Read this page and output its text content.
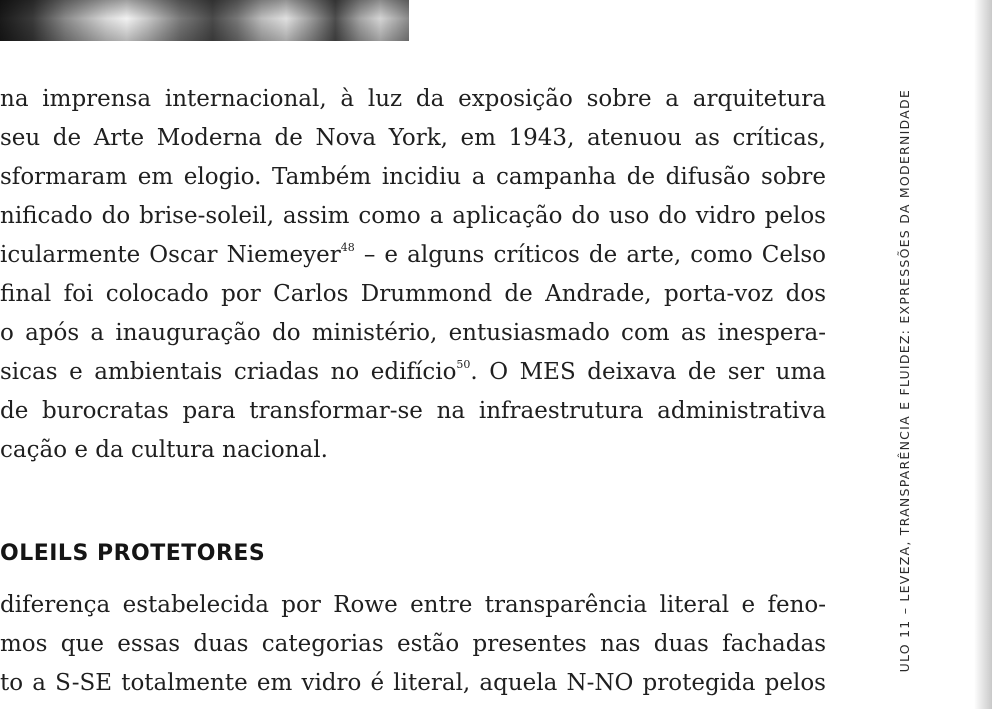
na imprensa internacional, à luz da exposição sobre a arquitetura
seu de Arte Moderna de Nova York, em 1943, atenuou as críticas,
sformaram em elogio. Também incidiu a campanha de difusão sobre
nificado do brise-soleil, assim como a aplicação do uso do vidro pelos
icularmente Oscar Niemeyer$^{48}$ – e alguns críticos de arte, como Celso
final foi colocado por Carlos Drummond de Andrade, porta-voz dos
o após a inauguração do ministério, entusiasmado com as inespera-
sicas e ambientais criadas no edifício$^{50}$. O MES deixava de ser uma
de burocratas para transformar-se na infraestrutura administrativa
cação e da cultura nacional.
OLEILS PROTETORES
diferença estabelecida por Rowe entre transparência literal e feno-
mos que essas duas categorias estão presentes nas duas fachadas
to a S-SE totalmente em vidro é literal, aquela N-NO protegida pelos
ULO 11 – LEVEZA, TRANSPARÊNCIA E FLUIDEZ: EXPRESSÕES DA MODERNIDADE
